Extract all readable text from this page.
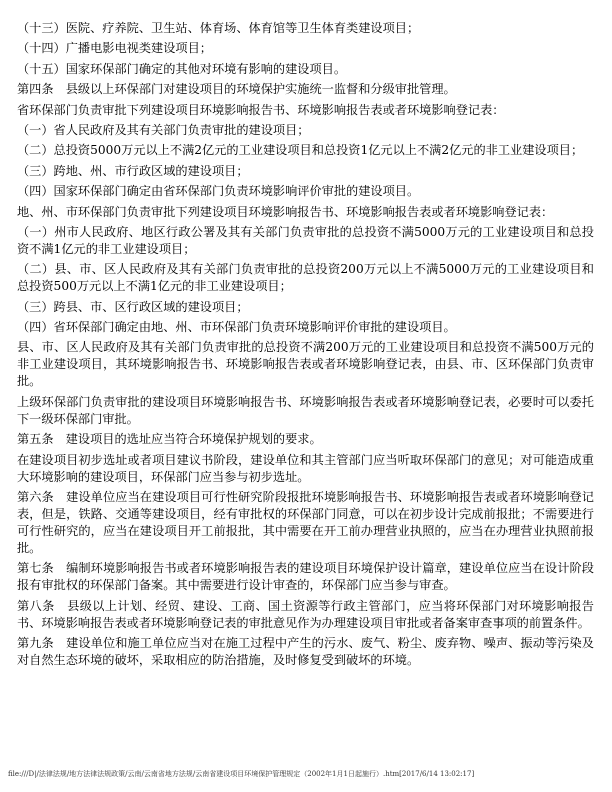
（十三）医院、疗养院、卫生站、体育场、体育馆等卫生体育类建设项目；

（十四）广播电影电视类建设项目；

（十五）国家环保部门确定的其他对环境有影响的建设项目。

第四条　县级以上环保部门对建设项目的环境保护实施统一监督和分级审批管理。

省环保部门负责审批下列建设项目环境影响报告书、环境影响报告表或者环境影响登记表：

（一）省人民政府及其有关部门负责审批的建设项目；

（二）总投资5000万元以上不满2亿元的工业建设项目和总投资1亿元以上不满2亿元的非工业建设项目；

（三）跨地、州、市行政区域的建设项目；

（四）国家环保部门确定由省环保部门负责环境影响评价审批的建设项目。

地、州、市环保部门负责审批下列建设项目环境影响报告书、环境影响报告表或者环境影响登记表：

（一）州市人民政府、地区行政公署及其有关部门负责审批的总投资不满5000万元的工业建设项目和总投资不满1亿元的非工业建设项目；

（二）县、市、区人民政府及其有关部门负责审批的总投资200万元以上不满5000万元的工业建设项目和总投资500万元以上不满1亿元的非工业建设项目；

（三）跨县、市、区行政区域的建设项目；

（四）省环保部门确定由地、州、市环保部门负责环境影响评价审批的建设项目。

县、市、区人民政府及其有关部门负责审批的总投资不满200万元的工业建设项目和总投资不满500万元的非工业建设项目，其环境影响报告书、环境影响报告表或者环境影响登记表，由县、市、区环保部门负责审批。

上级环保部门负责审批的建设项目环境影响报告书、环境影响报告表或者环境影响登记表，必要时可以委托下一级环保部门审批。

第五条　建设项目的选址应当符合环境保护规划的要求。

在建设项目初步选址或者项目建议书阶段，建设单位和其主管部门应当听取环保部门的意见；对可能造成重大环境影响的建设项目，环保部门应当参与初步选址。

第六条　建设单位应当在建设项目可行性研究阶段报批环境影响报告书、环境影响报告表或者环境影响登记表，但是，铁路、交通等建设项目，经有审批权的环保部门同意，可以在初步设计完成前报批；不需要进行可行性研究的，应当在建设项目开工前报批，其中需要在开工前办理营业执照的，应当在办理营业执照前报批。

第七条　编制环境影响报告书或者环境影响报告表的建设项目环境保护设计篇章，建设单位应当在设计阶段报有审批权的环保部门备案。其中需要进行设计审查的，环保部门应当参与审查。

第八条　县级以上计划、经贸、建设、工商、国土资源等行政主管部门，应当将环保部门对环境影响报告书、环境影响报告表或者环境影响登记表的审批意见作为办理建设项目审批或者备案审查事项的前置条件。

第九条　建设单位和施工单位应当对在施工过程中产生的污水、废气、粉尘、废弃物、噪声、振动等污染及对自然生态环境的破坏，采取相应的防治措施，及时修复受到破坏的环境。

file:///D|/法律法规/地方法律法规政策/云南/云南省地方法规/云南省建设项目环境保护管理规定（2002年1月1日起施行）.htm[2017/6/14 13:02:17]
